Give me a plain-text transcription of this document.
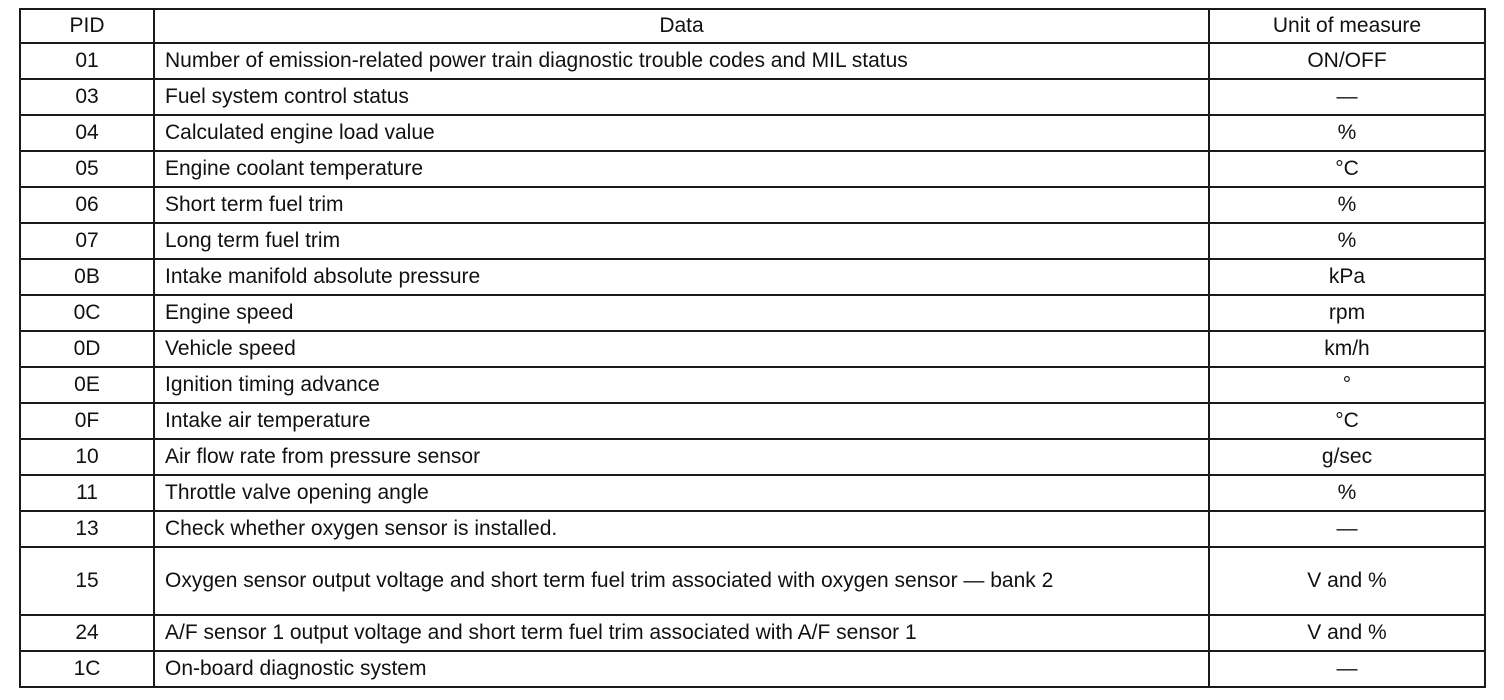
PID	Data	Unit of measure
01	Number of emission-related power train diagnostic trouble codes and MIL status	ON/OFF
03	Fuel system control status	—
04	Calculated engine load value	%
05	Engine coolant temperature	°C
06	Short term fuel trim	%
07	Long term fuel trim	%
0B	Intake manifold absolute pressure	kPa
0C	Engine speed	rpm
0D	Vehicle speed	km/h
0E	Ignition timing advance	°
0F	Intake air temperature	°C
10	Air flow rate from pressure sensor	g/sec
11	Throttle valve opening angle	%
13	Check whether oxygen sensor is installed.	—
15	Oxygen sensor output voltage and short term fuel trim associated with oxygen sensor — bank 2	V and %
24	A/F sensor 1 output voltage and short term fuel trim associated with A/F sensor 1	V and %
1C	On-board diagnostic system	—
